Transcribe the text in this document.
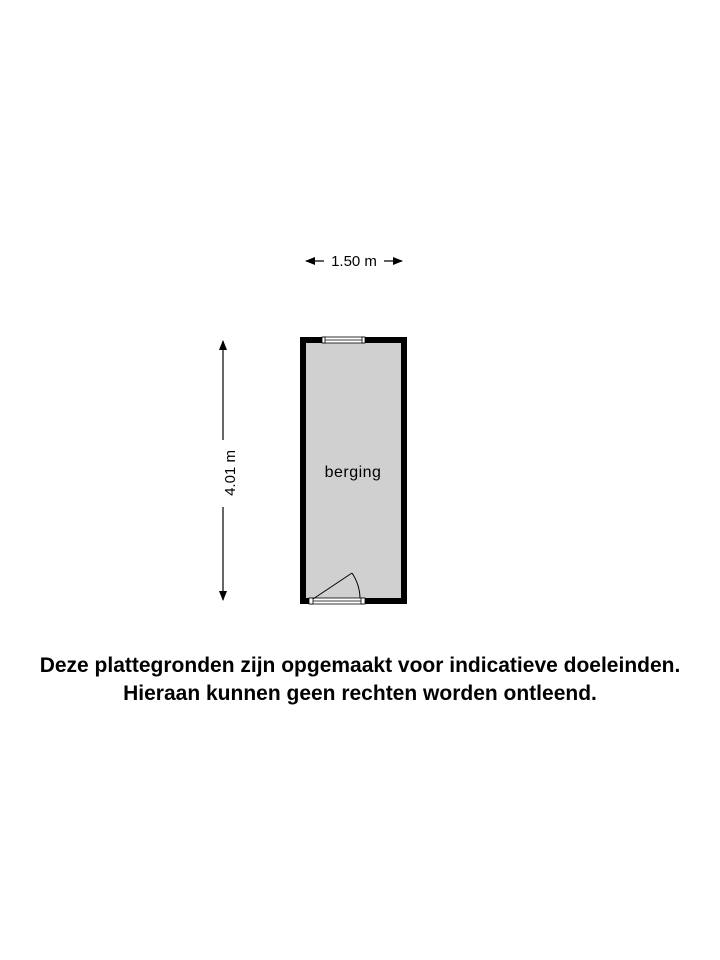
1.50 m
4.01 m	berging
Deze plattegronden zijn opgemaakt voor indicatieve doeleinden.
Hieraan kunnen geen rechten worden ontleend.
